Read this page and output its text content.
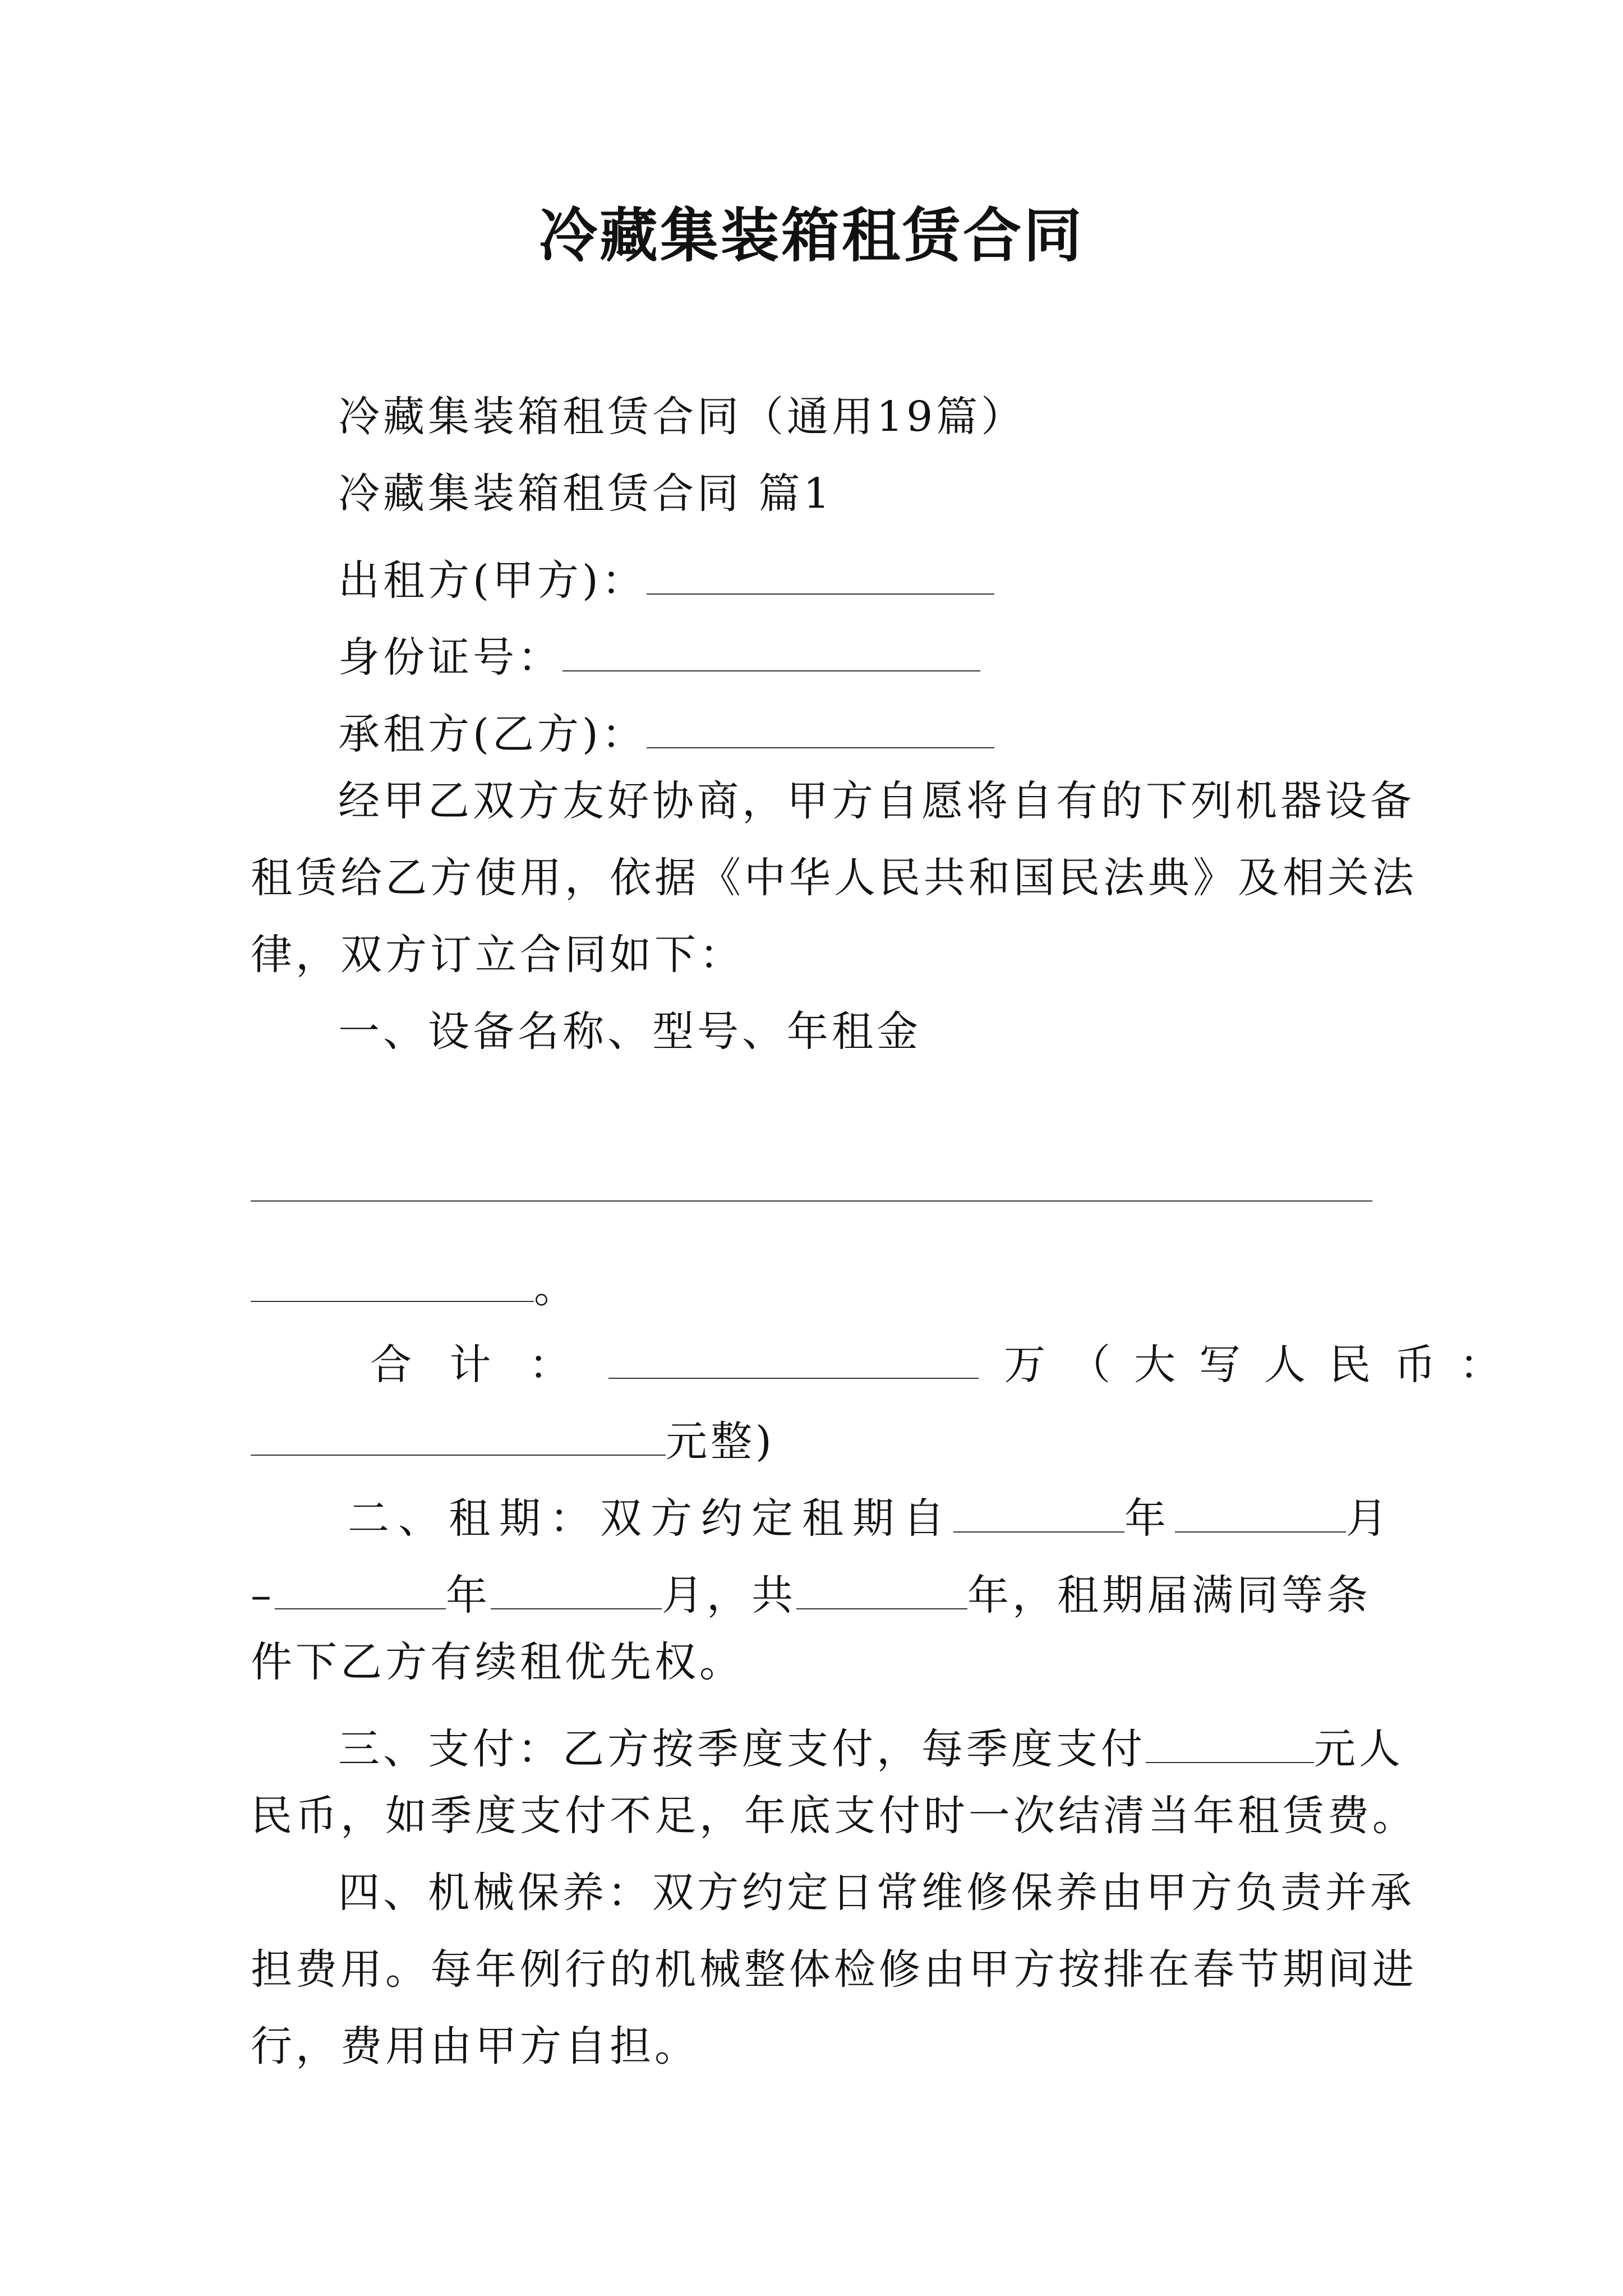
冷藏集装箱租赁合同
冷藏集装箱租赁合同（通用19篇）
冷藏集装箱租赁合同 篇1
出租方(甲方)：
身份证号：
承租方(乙方)：
经甲乙双方友好协商，甲方自愿将自有的下列机器设备
租赁给乙方使用，依据《中华人民共和国民法典》及相关法
律，双方订立合同如下：
一、设备名称、型号、年租金
。
合 计 ：	万（大写人民币：
元整)
二、租期：双方约定租期自	年	月
–	年	月，共	年，租期届满同等条
件下乙方有续租优先权。
三、支付：乙方按季度支付，每季度支付	元人
民币，如季度支付不足，年底支付时一次结清当年租赁费。
四、机械保养：双方约定日常维修保养由甲方负责并承
担费用。每年例行的机械整体检修由甲方按排在春节期间进
行，费用由甲方自担。
